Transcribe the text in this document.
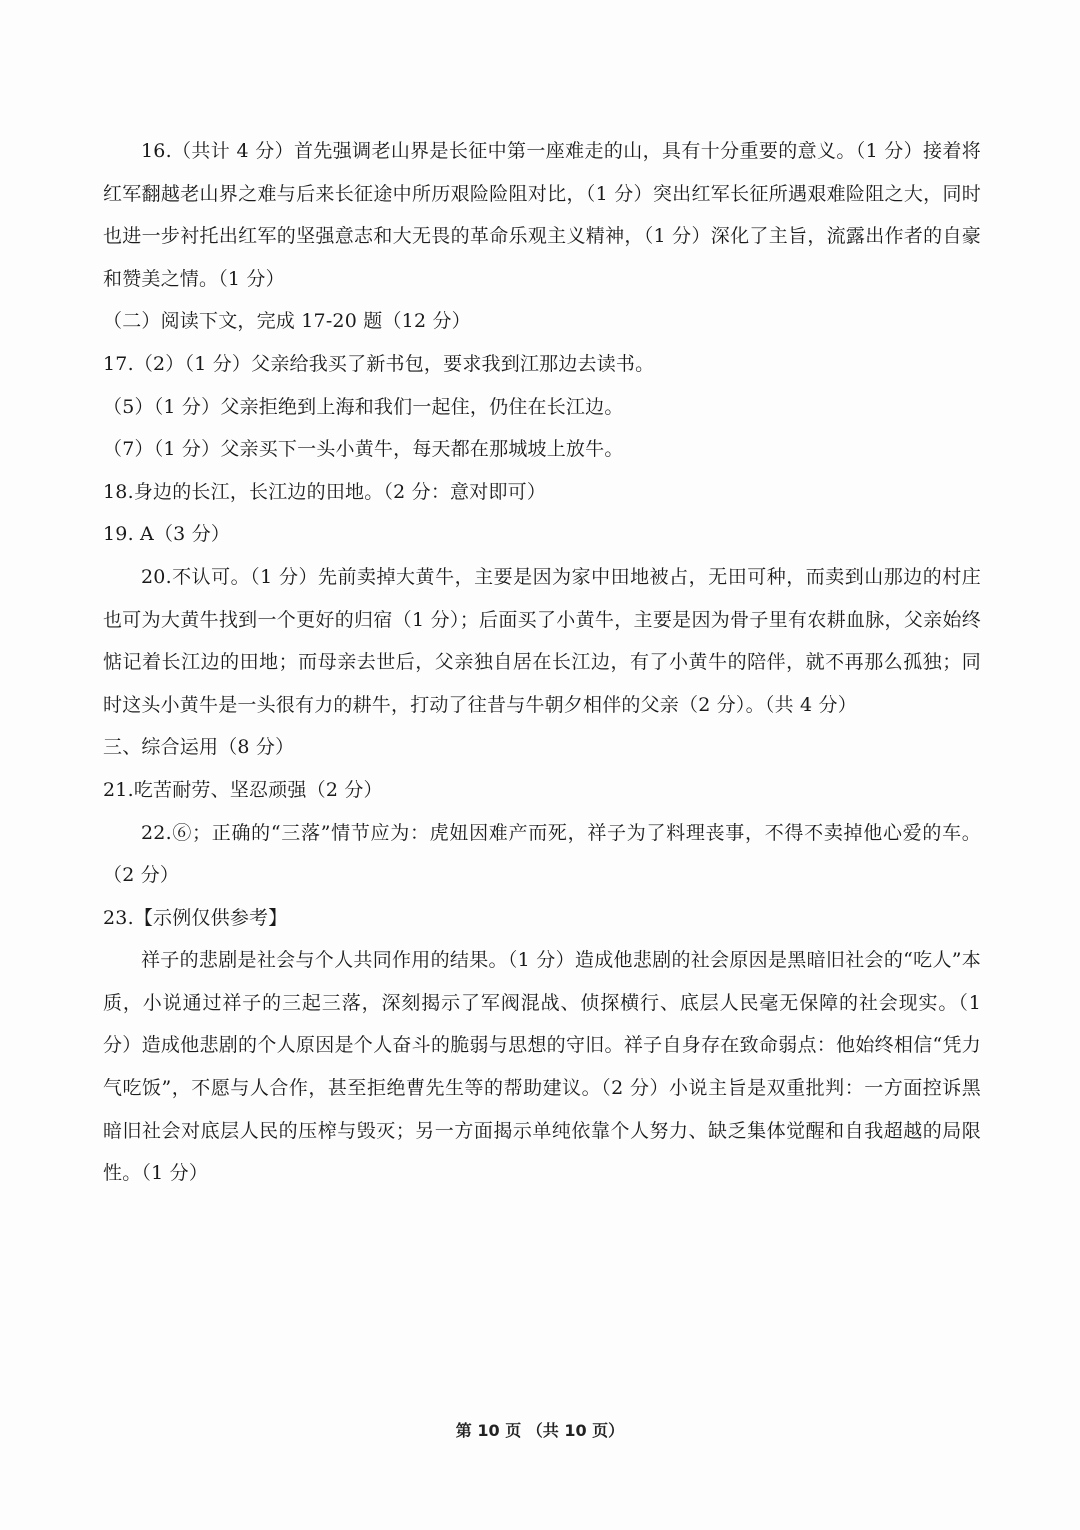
16.（共计 4 分）首先强调老山界是长征中第一座难走的山，具有十分重要的意义。（1 分）接着将红军翻越老山界之难与后来长征途中所历艰险险阻对比，（1 分）突出红军长征所遇艰难险阻之大，同时也进一步衬托出红军的坚强意志和大无畏的革命乐观主义精神，（1 分）深化了主旨，流露出作者的自豪和赞美之情。（1 分）

（二）阅读下文，完成 17-20 题（12 分）

17.（2）（1 分）父亲给我买了新书包，要求我到江那边去读书。

（5）（1 分）父亲拒绝到上海和我们一起住，仍住在长江边。

（7）（1 分）父亲买下一头小黄牛，每天都在那城坡上放牛。

18.身边的长江，长江边的田地。（2 分：意对即可）

19. A（3 分）

20.不认可。（1 分）先前卖掉大黄牛，主要是因为家中田地被占，无田可种，而卖到山那边的村庄也可为大黄牛找到一个更好的归宿（1 分）；后面买了小黄牛，主要是因为骨子里有农耕血脉，父亲始终惦记着长江边的田地；而母亲去世后，父亲独自居在长江边，有了小黄牛的陪伴，就不再那么孤独；同时这头小黄牛是一头很有力的耕牛，打动了往昔与牛朝夕相伴的父亲（2 分）。（共 4 分）

三、综合运用（8 分）

21.吃苦耐劳、坚忍顽强（2 分）

22.⑥；正确的“三落”情节应为：虎妞因难产而死，祥子为了料理丧事，不得不卖掉他心爱的车。（2 分）

23.【示例仅供参考】

祥子的悲剧是社会与个人共同作用的结果。（1 分）造成他悲剧的社会原因是黑暗旧社会的“吃人”本质，小说通过祥子的三起三落，深刻揭示了军阀混战、侦探横行、底层人民毫无保障的社会现实。（1 分）造成他悲剧的个人原因是个人奋斗的脆弱与思想的守旧。祥子自身存在致命弱点：他始终相信“凭力气吃饭”，不愿与人合作，甚至拒绝曹先生等的帮助建议。（2 分）小说主旨是双重批判：一方面控诉黑暗旧社会对底层人民的压榨与毁灭；另一方面揭示单纯依靠个人努力、缺乏集体觉醒和自我超越的局限性。（1 分）

第 10 页 （共 10 页）
